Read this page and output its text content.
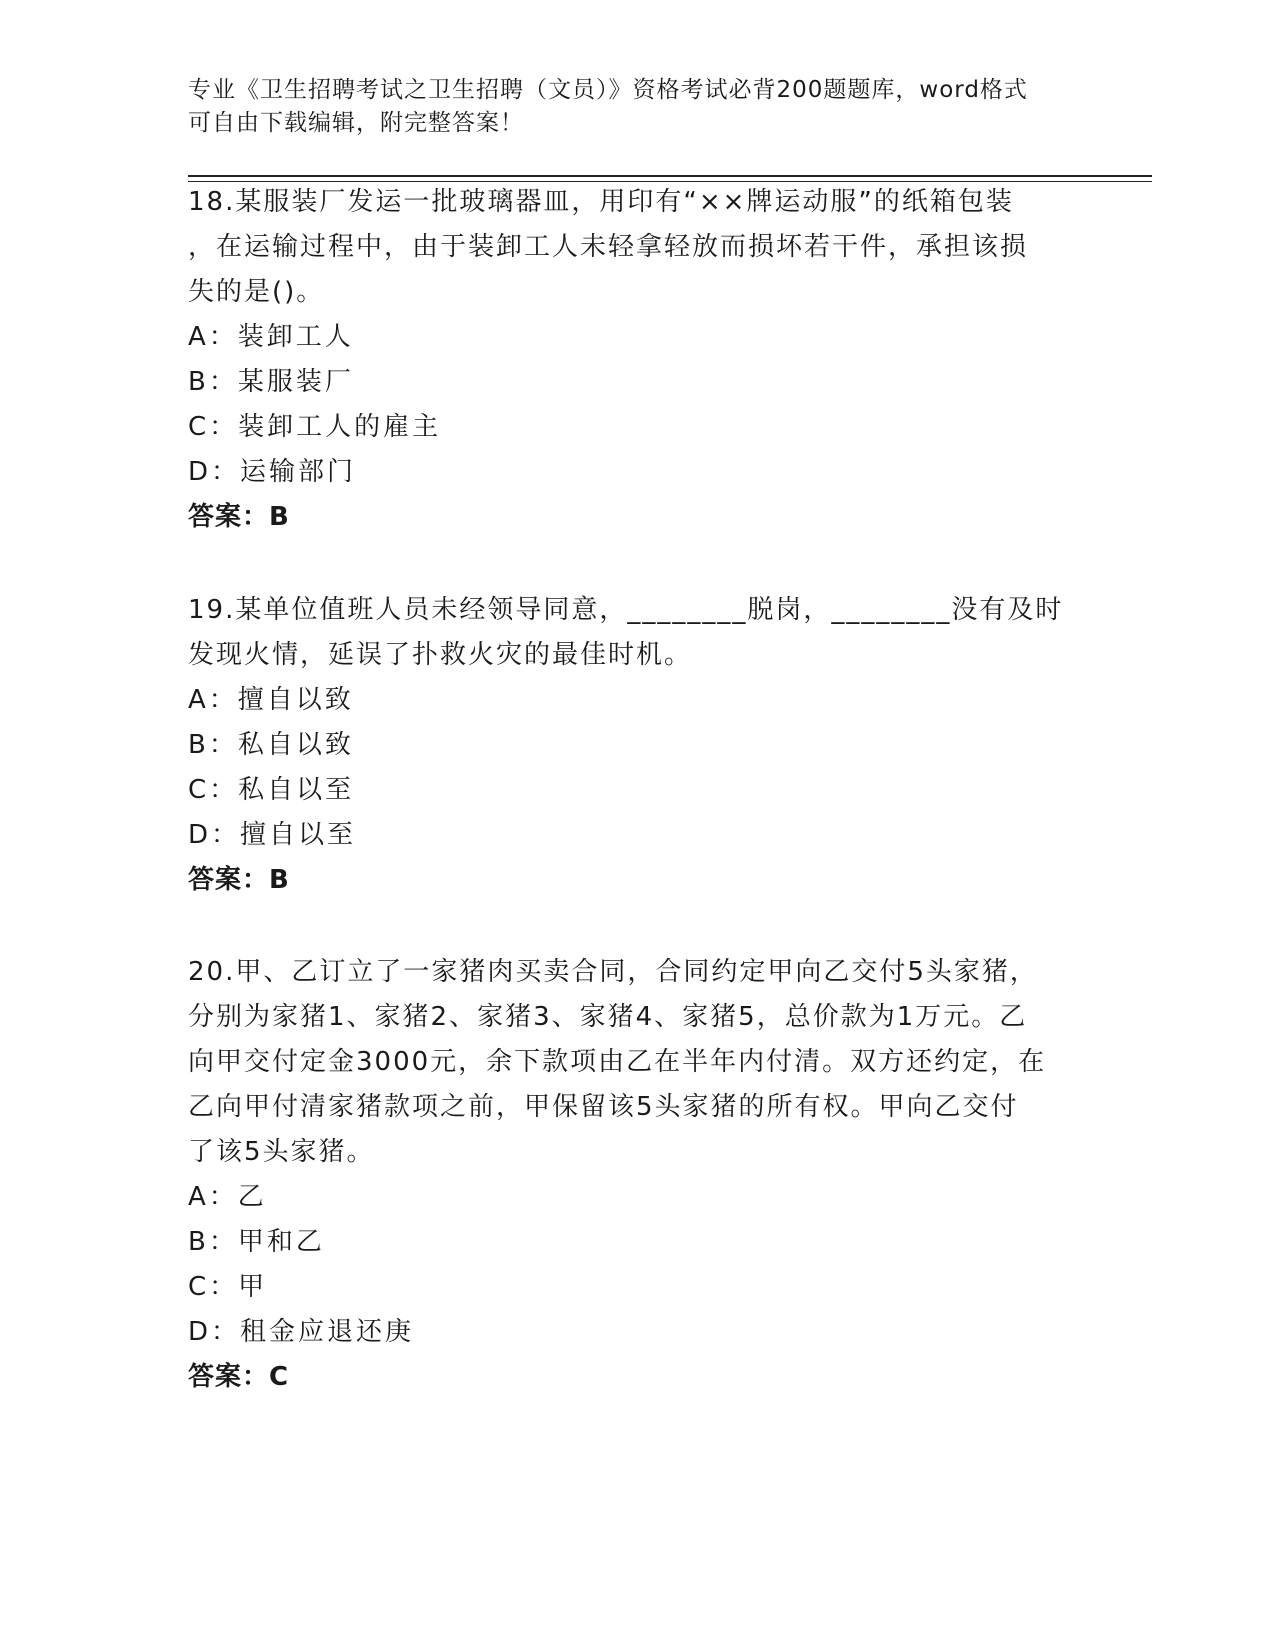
专业《卫生招聘考试之卫生招聘（文员）》资格考试必背200题题库，word格式
可自由下载编辑，附完整答案！

18.某服装厂发运一批玻璃器皿，用印有“××牌运动服”的纸箱包装

，在运输过程中，由于装卸工人未轻拿轻放而损坏若干件，承担该损

失的是()。

A：装卸工人

B：某服装厂

C：装卸工人的雇主

D：运输部门

答案：B

19.某单位值班人员未经领导同意，________脱岗，________没有及时

发现火情，延误了扑救火灾的最佳时机。

A：擅自以致

B：私自以致

C：私自以至

D：擅自以至

答案：B

20.甲、乙订立了一家猪肉买卖合同，合同约定甲向乙交付5头家猪，

分别为家猪1、家猪2、家猪3、家猪4、家猪5，总价款为1万元。乙

向甲交付定金3000元，余下款项由乙在半年内付清。双方还约定，在

乙向甲付清家猪款项之前，甲保留该5头家猪的所有权。甲向乙交付

了该5头家猪。

A：乙

B：甲和乙

C：甲

D：租金应退还庚

答案：C
